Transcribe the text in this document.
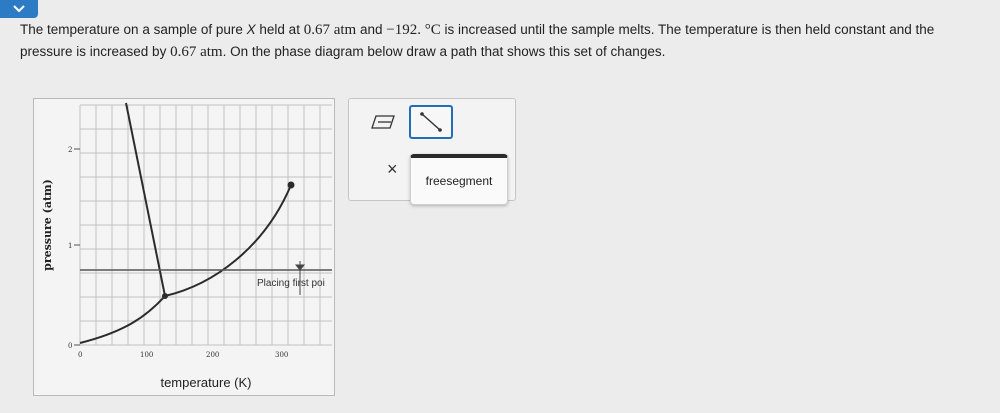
The temperature on a sample of pure X held at 0.67 atm and −192. °C is increased until the sample melts. The temperature is then held constant and the pressure is increased by 0.67 atm. On the phase diagram below draw a path that shows this set of changes.
0
1
2
0	100	200	300
pressure (atm)
temperature (K)
Placing first poi
×
freesegment
